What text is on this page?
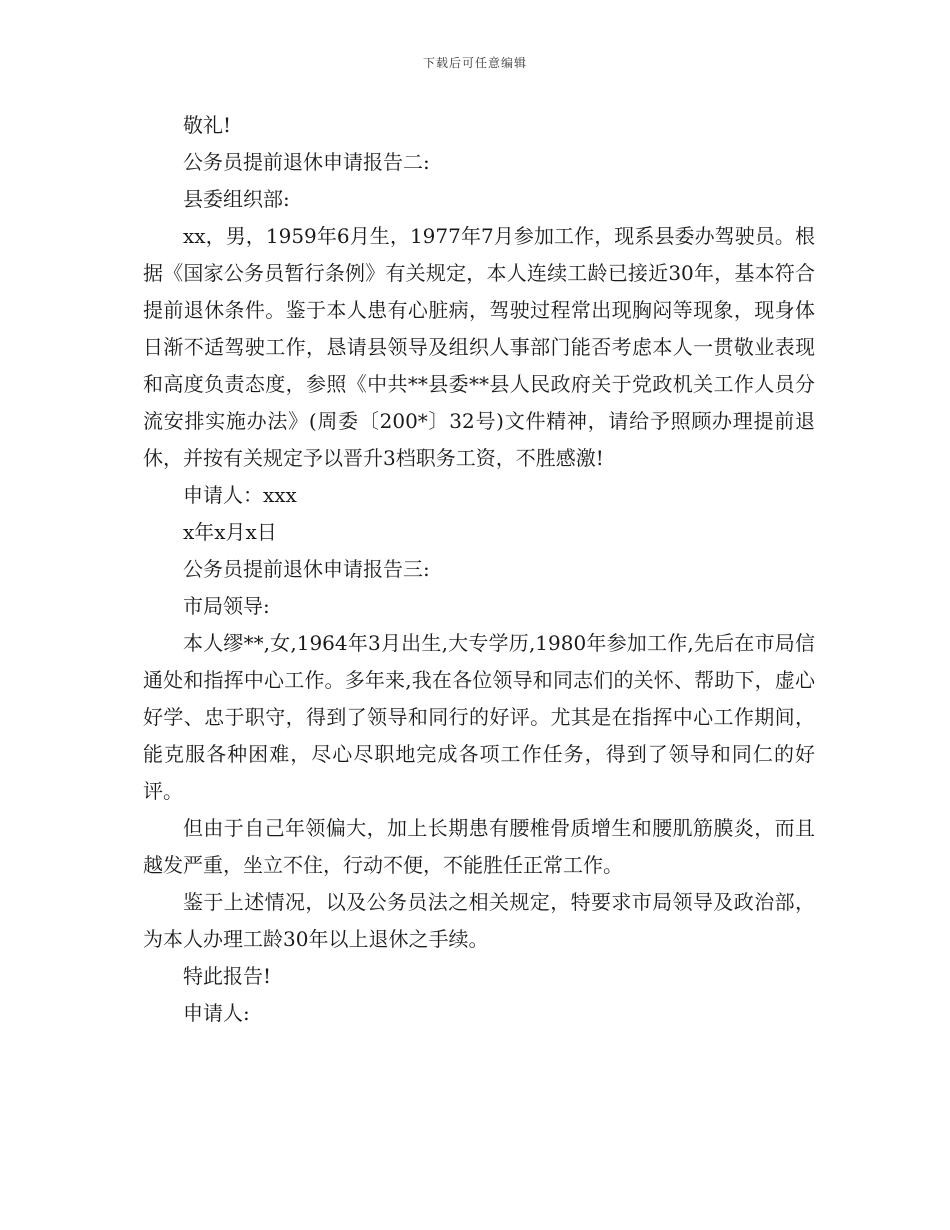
下载后可任意编辑

敬礼!

公务员提前退休申请报告二:

县委组织部:

xx，男，1959年6月生，1977年7月参加工作，现系县委办驾驶员。根据《国家公务员暂行条例》有关规定，本人连续工龄已接近30年，基本符合提前退休条件。鉴于本人患有心脏病，驾驶过程常出现胸闷等现象，现身体日渐不适驾驶工作，恳请县领导及组织人事部门能否考虑本人一贯敬业表现和高度负责态度，参照《中共**县委**县人民政府关于党政机关工作人员分流安排实施办法》(周委〔200*〕32号)文件精神，请给予照顾办理提前退休，并按有关规定予以晋升3档职务工资，不胜感激!

申请人：xxx

x年x月x日

公务员提前退休申请报告三:

市局领导:

本人缪**,女,1964年3月出生,大专学历,1980年参加工作,先后在市局信通处和指挥中心工作。多年来,我在各位领导和同志们的关怀、帮助下，虚心好学、忠于职守，得到了领导和同行的好评。尤其是在指挥中心工作期间，能克服各种困难，尽心尽职地完成各项工作任务，得到了领导和同仁的好评。

但由于自己年领偏大，加上长期患有腰椎骨质增生和腰肌筋膜炎，而且越发严重，坐立不住，行动不便，不能胜任正常工作。

鉴于上述情况，以及公务员法之相关规定，特要求市局领导及政治部，为本人办理工龄30年以上退休之手续。

特此报告!

申请人:
